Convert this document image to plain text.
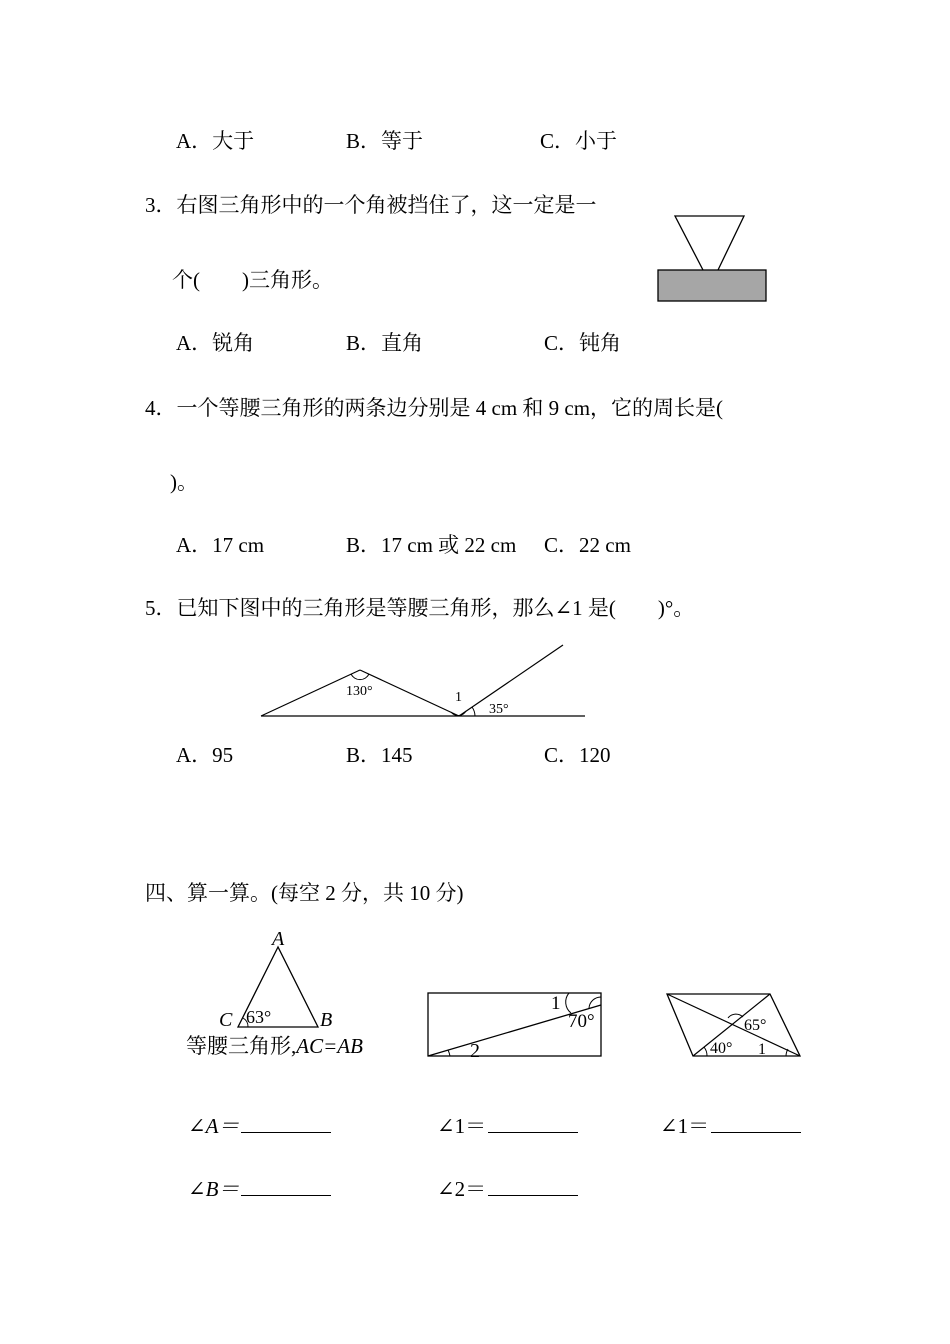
A．大于	B．等于	C．小于
3．右图三角形中的一个角被挡住了，这一定是一
个(　　)三角形。
A．锐角	B．直角	C．钝角
4．一个等腰三角形的两条边分别是 4 cm 和 9 cm，它的周长是(
)。
A．17 cm	B．17 cm 或 22 cm C．22 cm
5．已知下图中的三角形是等腰三角形，那么∠1 是(　　)°。
130°	1
35°
A．95	B．145	C．120
四、算一算。(每空 2 分，共 10 分)
A
C	B
63°
等腰三角形,AC=AB
1
70°
2
65°
40° 1
∠A＝
∠B＝
∠1＝
∠2＝
∠1＝
